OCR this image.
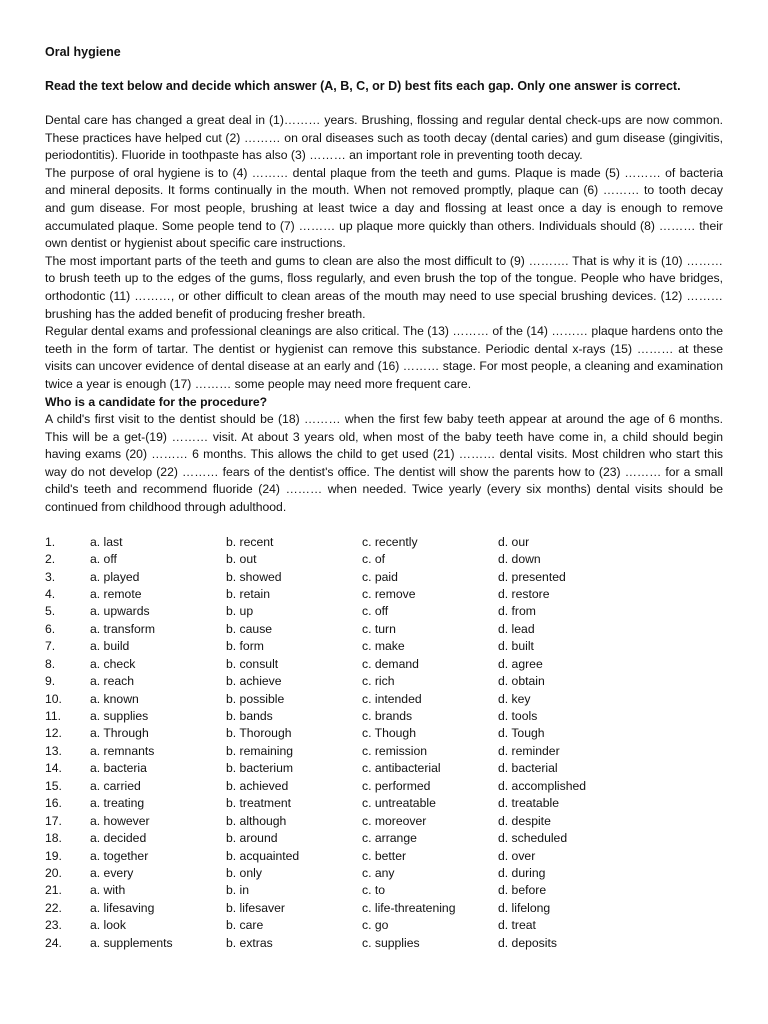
Oral hygiene
Read the text below and decide which answer (A, B, C, or D) best fits each gap. Only one answer is correct.

Dental care has changed a great deal in (1)……… years. Brushing, flossing and regular dental check-ups are now common. These practices have helped cut (2) ……… on oral diseases such as tooth decay (dental caries) and gum disease (gingivitis, periodontitis). Fluoride in toothpaste has also (3) ……… an important role in preventing tooth decay.

The purpose of oral hygiene is to (4) ……… dental plaque from the teeth and gums. Plaque is made (5) ……… of bacteria and mineral deposits. It forms continually in the mouth. When not removed promptly, plaque can (6) ……… to tooth decay and gum disease. For most people, brushing at least twice a day and flossing at least once a day is enough to remove accumulated plaque. Some people tend to (7) ……… up plaque more quickly than others. Individuals should (8) ……… their own dentist or hygienist about specific care instructions.

The most important parts of the teeth and gums to clean are also the most difficult to (9) ………. That is why it is (10) ……… to brush teeth up to the edges of the gums, floss regularly, and even brush the top of the tongue. People who have bridges, orthodontic (11) ………, or other difficult to clean areas of the mouth may need to use special brushing devices. (12) ……… brushing has the added benefit of producing fresher breath.

Regular dental exams and professional cleanings are also critical. The (13) ……… of the (14) ……… plaque hardens onto the teeth in the form of tartar. The dentist or hygienist can remove this substance. Periodic dental x-rays (15) ……… at these visits can uncover evidence of dental disease at an early and (16) ……… stage. For most people, a cleaning and examination twice a year is enough (17) ……… some people may need more frequent care.

Who is a candidate for the procedure?

A child's first visit to the dentist should be (18) ……… when the first few baby teeth appear at around the age of 6 months. This will be a get-(19) ……… visit. At about 3 years old, when most of the baby teeth have come in, a child should begin having exams (20) ……… 6 months. This allows the child to get used (21) ……… dental visits. Most children who start this way do not develop (22) ……… fears of the dentist's office. The dentist will show the parents how to (23) ……… for a small child's teeth and recommend fluoride (24) ……… when needed. Twice yearly (every six months) dental visits should be continued from childhood through adulthood.

1.	a. last	b. recent	c. recently	d. our
2.	a. off	b. out	c. of	d. down
3.	a. played	b. showed	c. paid	d. presented
4.	a. remote	b. retain	c. remove	d. restore
5.	a. upwards	b. up	c. off	d. from
6.	a. transform	b. cause	c. turn	d. lead
7.	a. build	b. form	c. make	d. built
8.	a. check	b. consult	c. demand	d. agree
9.	a. reach	b. achieve	c. rich	d. obtain
10.	a. known	b. possible	c. intended	d. key
11.	a. supplies	b. bands	c. brands	d. tools
12.	a. Through	b. Thorough	c. Though	d. Tough
13.	a. remnants	b. remaining	c. remission	d. reminder
14.	a. bacteria	b. bacterium	c. antibacterial	d. bacterial
15.	a. carried	b. achieved	c. performed	d. accomplished
16.	a. treating	b. treatment	c. untreatable	d. treatable
17.	a. however	b. although	c. moreover	d. despite
18.	a. decided	b. around	c. arrange	d. scheduled
19.	a. together	b. acquainted	c. better	d. over
20.	a. every	b. only	c. any	d. during
21.	a. with	b. in	c. to	d. before
22.	a. lifesaving	b. lifesaver	c. life-threatening	d. lifelong
23.	a. look	b. care	c. go	d. treat
24.	a. supplements	b. extras	c. supplies	d. deposits
